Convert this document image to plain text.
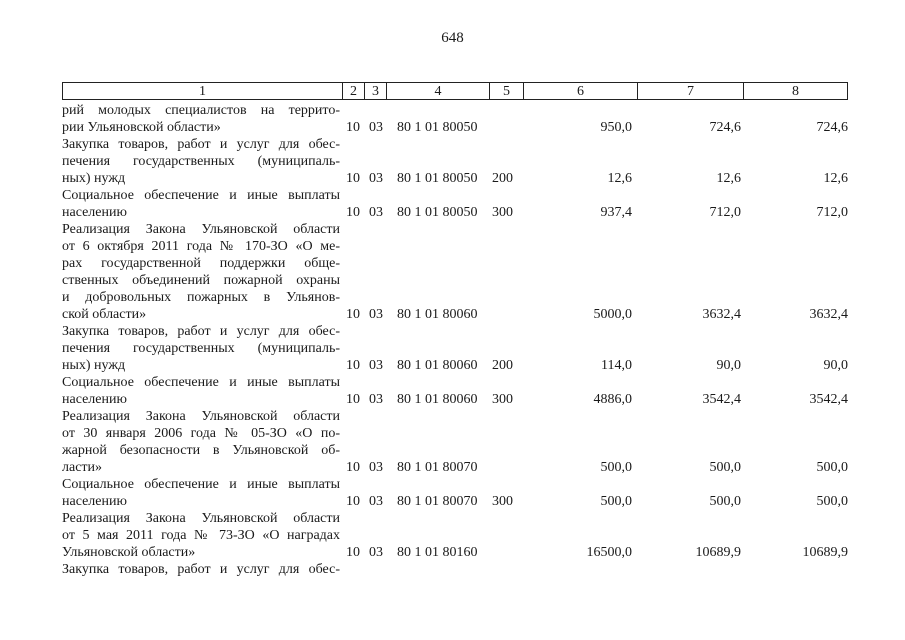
648
1	2	3	4	5	6	7	8
рий молодых специалистов на террито-
рии Ульяновской области»	10 03 80 1 01 80050	950,0	724,6	724,6
Закупка товаров, работ и услуг для обес-
печения государственных (муниципаль-
ных) нужд	10 03 80 1 01 80050 200	12,6	12,6	12,6
Социальное обеспечение и иные выплаты
населению	10 03 80 1 01 80050 300	937,4	712,0	712,0
Реализация Закона Ульяновской области
от 6 октября 2011 года № 170-ЗО «О ме-
рах государственной поддержки обще-
ственных объединений пожарной охраны
и добровольных пожарных в Ульянов-
ской области»	10 03 80 1 01 80060	5000,0	3632,4	3632,4
Закупка товаров, работ и услуг для обес-
печения государственных (муниципаль-
ных) нужд	10 03 80 1 01 80060 200	114,0	90,0	90,0
Социальное обеспечение и иные выплаты
населению	10 03 80 1 01 80060 300	4886,0	3542,4	3542,4
Реализация Закона Ульяновской области
от 30 января 2006 года № 05-ЗО «О по-
жарной безопасности в Ульяновской об-
ласти»	10 03 80 1 01 80070	500,0	500,0	500,0
Социальное обеспечение и иные выплаты
населению	10 03 80 1 01 80070 300	500,0	500,0	500,0
Реализация Закона Ульяновской области
от 5 мая 2011 года № 73-ЗО «О наградах
Ульяновской области»	10 03 80 1 01 80160	16500,0	10689,9	10689,9
Закупка товаров, работ и услуг для обес-
